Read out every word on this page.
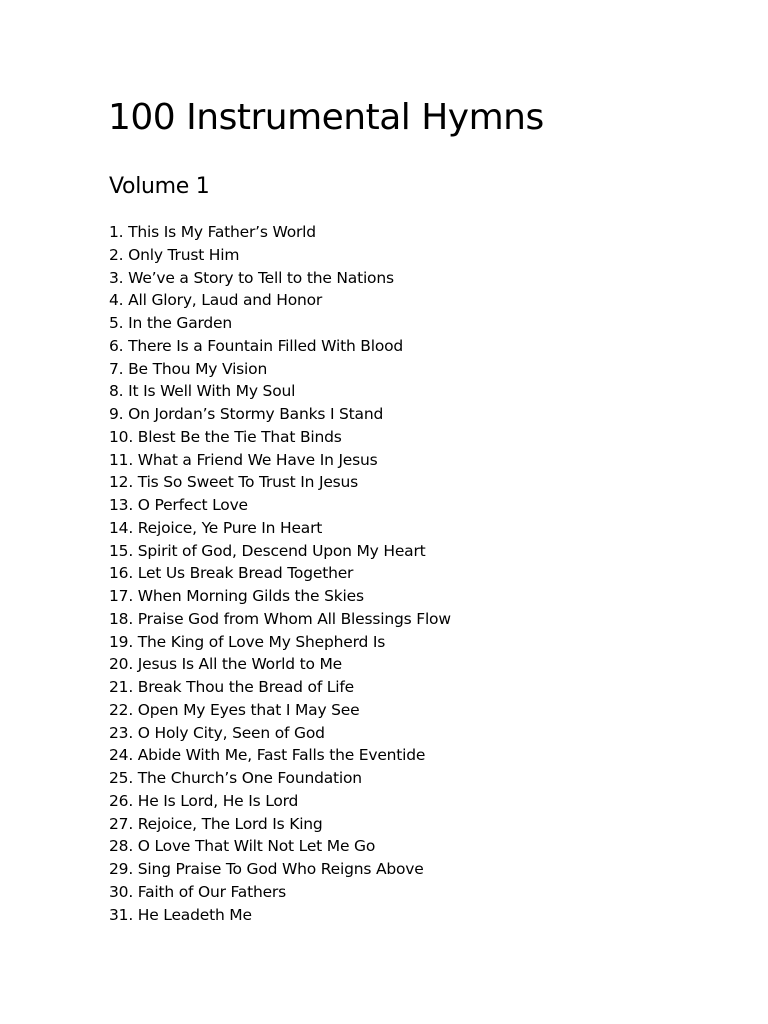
100 Instrumental Hymns
Volume 1
1. This Is My Father’s World
2. Only Trust Him
3. We’ve a Story to Tell to the Nations
4. All Glory, Laud and Honor
5. In the Garden
6. There Is a Fountain Filled With Blood
7. Be Thou My Vision
8. It Is Well With My Soul
9. On Jordan’s Stormy Banks I Stand
10. Blest Be the Tie That Binds
11. What a Friend We Have In Jesus
12. Tis So Sweet To Trust In Jesus
13. O Perfect Love
14. Rejoice, Ye Pure In Heart
15. Spirit of God, Descend Upon My Heart
16. Let Us Break Bread Together
17. When Morning Gilds the Skies
18. Praise God from Whom All Blessings Flow
19. The King of Love My Shepherd Is
20. Jesus Is All the World to Me
21. Break Thou the Bread of Life
22. Open My Eyes that I May See
23. O Holy City, Seen of God
24. Abide With Me, Fast Falls the Eventide
25. The Church’s One Foundation
26. He Is Lord, He Is Lord
27. Rejoice, The Lord Is King
28. O Love That Wilt Not Let Me Go
29. Sing Praise To God Who Reigns Above
30. Faith of Our Fathers
31. He Leadeth Me
